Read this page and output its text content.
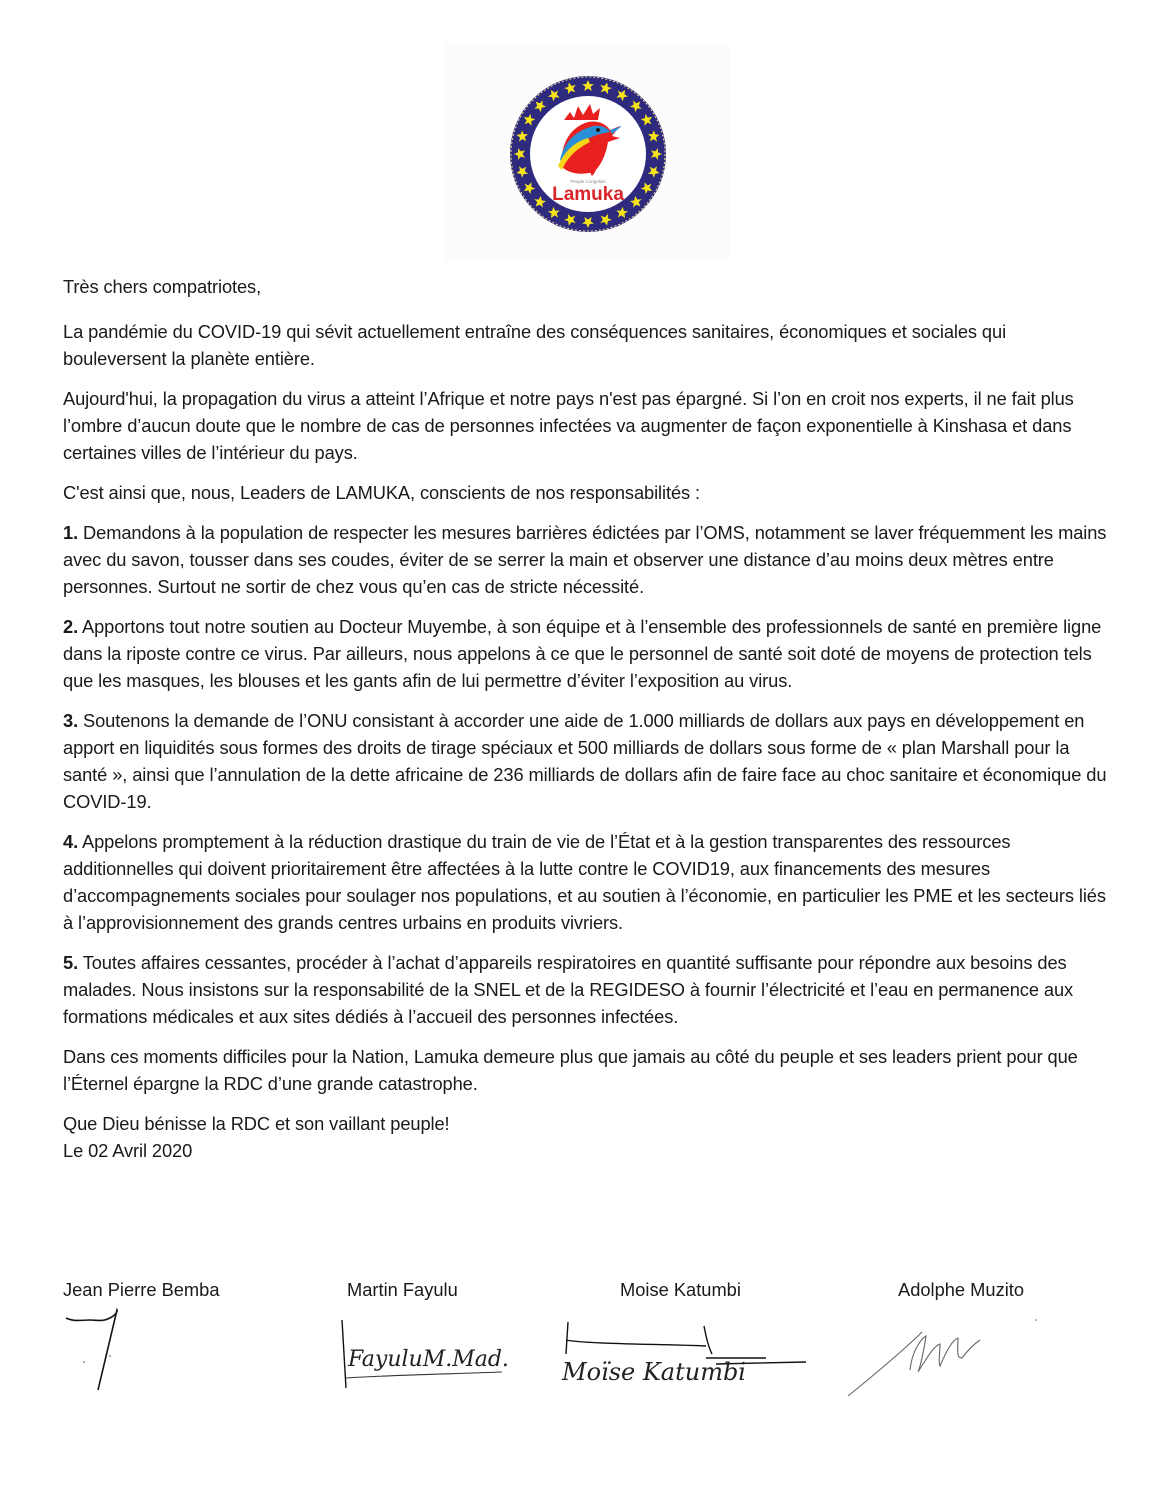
Peuple Congolais
Lamuka

Très chers compatriotes,

La pandémie du COVID-19 qui sévit actuellement entraîne des conséquences sanitaires, économiques et sociales qui bouleversent la planète entière.

Aujourd'hui, la propagation du virus a atteint l’Afrique et notre pays n'est pas épargné. Si l’on en croit nos experts, il ne fait plus l’ombre d’aucun doute que le nombre de cas de personnes infectées va augmenter de façon exponentielle à Kinshasa et dans certaines villes de l’intérieur du pays.

C'est ainsi que, nous, Leaders de LAMUKA, conscients de nos responsabilités :

1. Demandons à la population de respecter les mesures barrières édictées par l’OMS, notamment se laver fréquemment les mains avec du savon, tousser dans ses coudes, éviter de se serrer la main et observer une distance d’au moins deux mètres entre personnes. Surtout ne sortir de chez vous qu’en cas de stricte nécessité.

2. Apportons tout notre soutien au Docteur Muyembe, à son équipe et à l’ensemble des professionnels de santé en première ligne dans la riposte contre ce virus. Par ailleurs, nous appelons à ce que le personnel de santé soit doté de moyens de protection tels que les masques, les blouses et les gants afin de lui permettre d’éviter l’exposition au virus.

3. Soutenons la demande de l’ONU consistant à accorder une aide de 1.000 milliards de dollars aux pays en développement en apport en liquidités sous formes des droits de tirage spéciaux et 500 milliards de dollars sous forme de « plan Marshall pour la santé », ainsi que l’annulation de la dette africaine de 236 milliards de dollars afin de faire face au choc sanitaire et économique du COVID-19.

4. Appelons promptement à la réduction drastique du train de vie de l’État et à la gestion transparentes des ressources additionnelles qui doivent prioritairement être affectées à la lutte contre le COVID19, aux financements des mesures d’accompagnements sociales pour soulager nos populations, et au soutien à l’économie, en particulier les PME et les secteurs liés à l’approvisionnement des grands centres urbains en produits vivriers.

5. Toutes affaires cessantes, procéder à l’achat d’appareils respiratoires en quantité suffisante pour répondre aux besoins des malades. Nous insistons sur la responsabilité de la SNEL et de la REGIDESO à fournir l’électricité et l’eau en permanence aux formations médicales et aux sites dédiés à l’accueil des personnes infectées.

Dans ces moments difficiles pour la Nation, Lamuka demeure plus que jamais au côté du peuple et ses leaders prient pour que l’Éternel épargne la RDC d’une grande catastrophe.

Que Dieu bénisse la RDC et son vaillant peuple!

Le 02 Avril 2020

Jean Pierre Bemba	Martin Fayulu	Moise Katumbi	Adolphe Muzito
FayuluM.Mad. Moïse Katumbi
